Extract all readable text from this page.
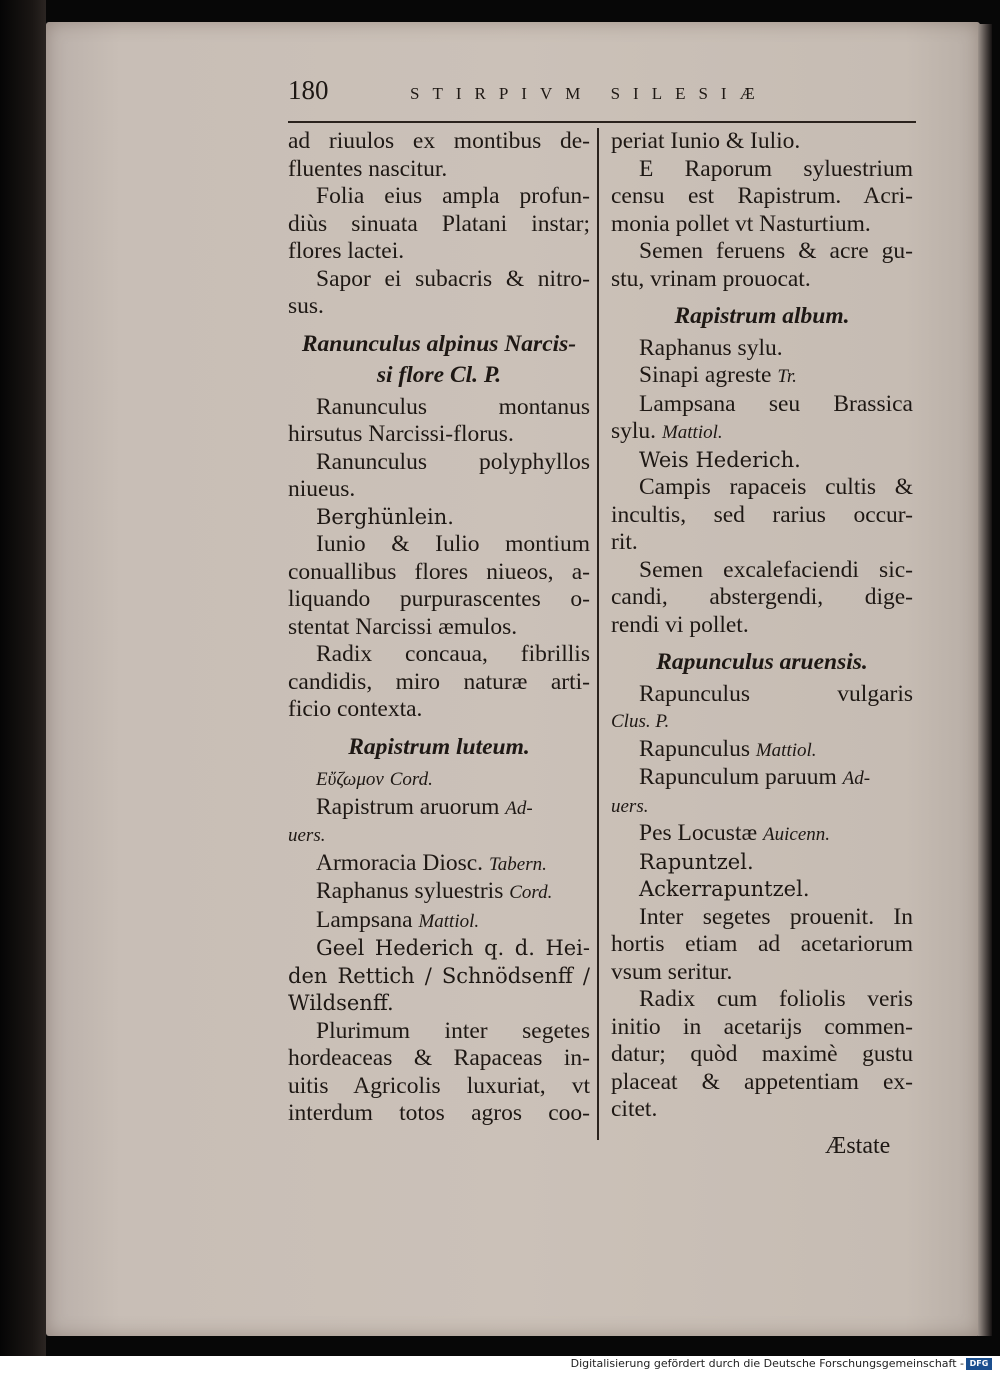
180	STIRPIVM SILESIÆ
ad riuulos ex montibus de-
fluentes nascitur.
Folia eius ampla profun-
diùs sinuata Platani instar;
flores lactei.
Sapor ei subacris & nitro-
sus.
Ranunculus alpinus Narcis-
si flore Cl. P.
Ranunculus montanus
hirsutus Narcissi-florus.
Ranunculus polyphyllos
niueus.
Berghünlein.
Iunio & Iulio montium
conuallibus flores niueos, a-
liquando purpurascentes o-
stentat Narcissi æmulos.
Radix concaua, fibrillis
candidis, miro naturæ arti-
ficio contexta.
Rapistrum luteum.
Εὔζωμον Cord.
Rapistrum aruorum Ad-
uers.
Armoracia Diosc. Tabern.
Raphanus syluestris Cord.
Lampsana Mattiol.
Geel Hederich q. d. Hei-
den Rettich / Schnödsenff /
Wildsenff.
Plurimum inter segetes
hordeaceas & Rapaceas in-
uitis Agricolis luxuriat, vt
interdum totos agros coo-
periat Iunio & Iulio.
E Raporum syluestrium
censu est Rapistrum. Acri-
monia pollet vt Nasturtium.
Semen feruens & acre gu-
stu, vrinam prouocat.
Rapistrum album.
Raphanus sylu.
Sinapi agreste Tr.
Lampsana seu Brassica
sylu. Mattiol.
Weis Hederich.
Campis rapaceis cultis &
incultis, sed rarius occur-
rit.
Semen excalefaciendi sic-
candi, abstergendi, dige-
rendi vi pollet.
Rapunculus aruensis.
Rapunculus vulgaris
Clus. P.
Rapunculus Mattiol.
Rapunculum paruum Ad-
uers.
Pes Locustæ Auicenn.
Rapuntzel.
Ackerrapuntzel.
Inter segetes prouenit. In
hortis etiam ad acetariorum
vsum seritur.
Radix cum foliolis veris
initio in acetarijs commen-
datur; quòd maximè gustu
placeat & appetentiam ex-
citet.
Æstate
Digitalisierung gefördert durch die Deutsche Forschungsgemeinschaft - DFG
